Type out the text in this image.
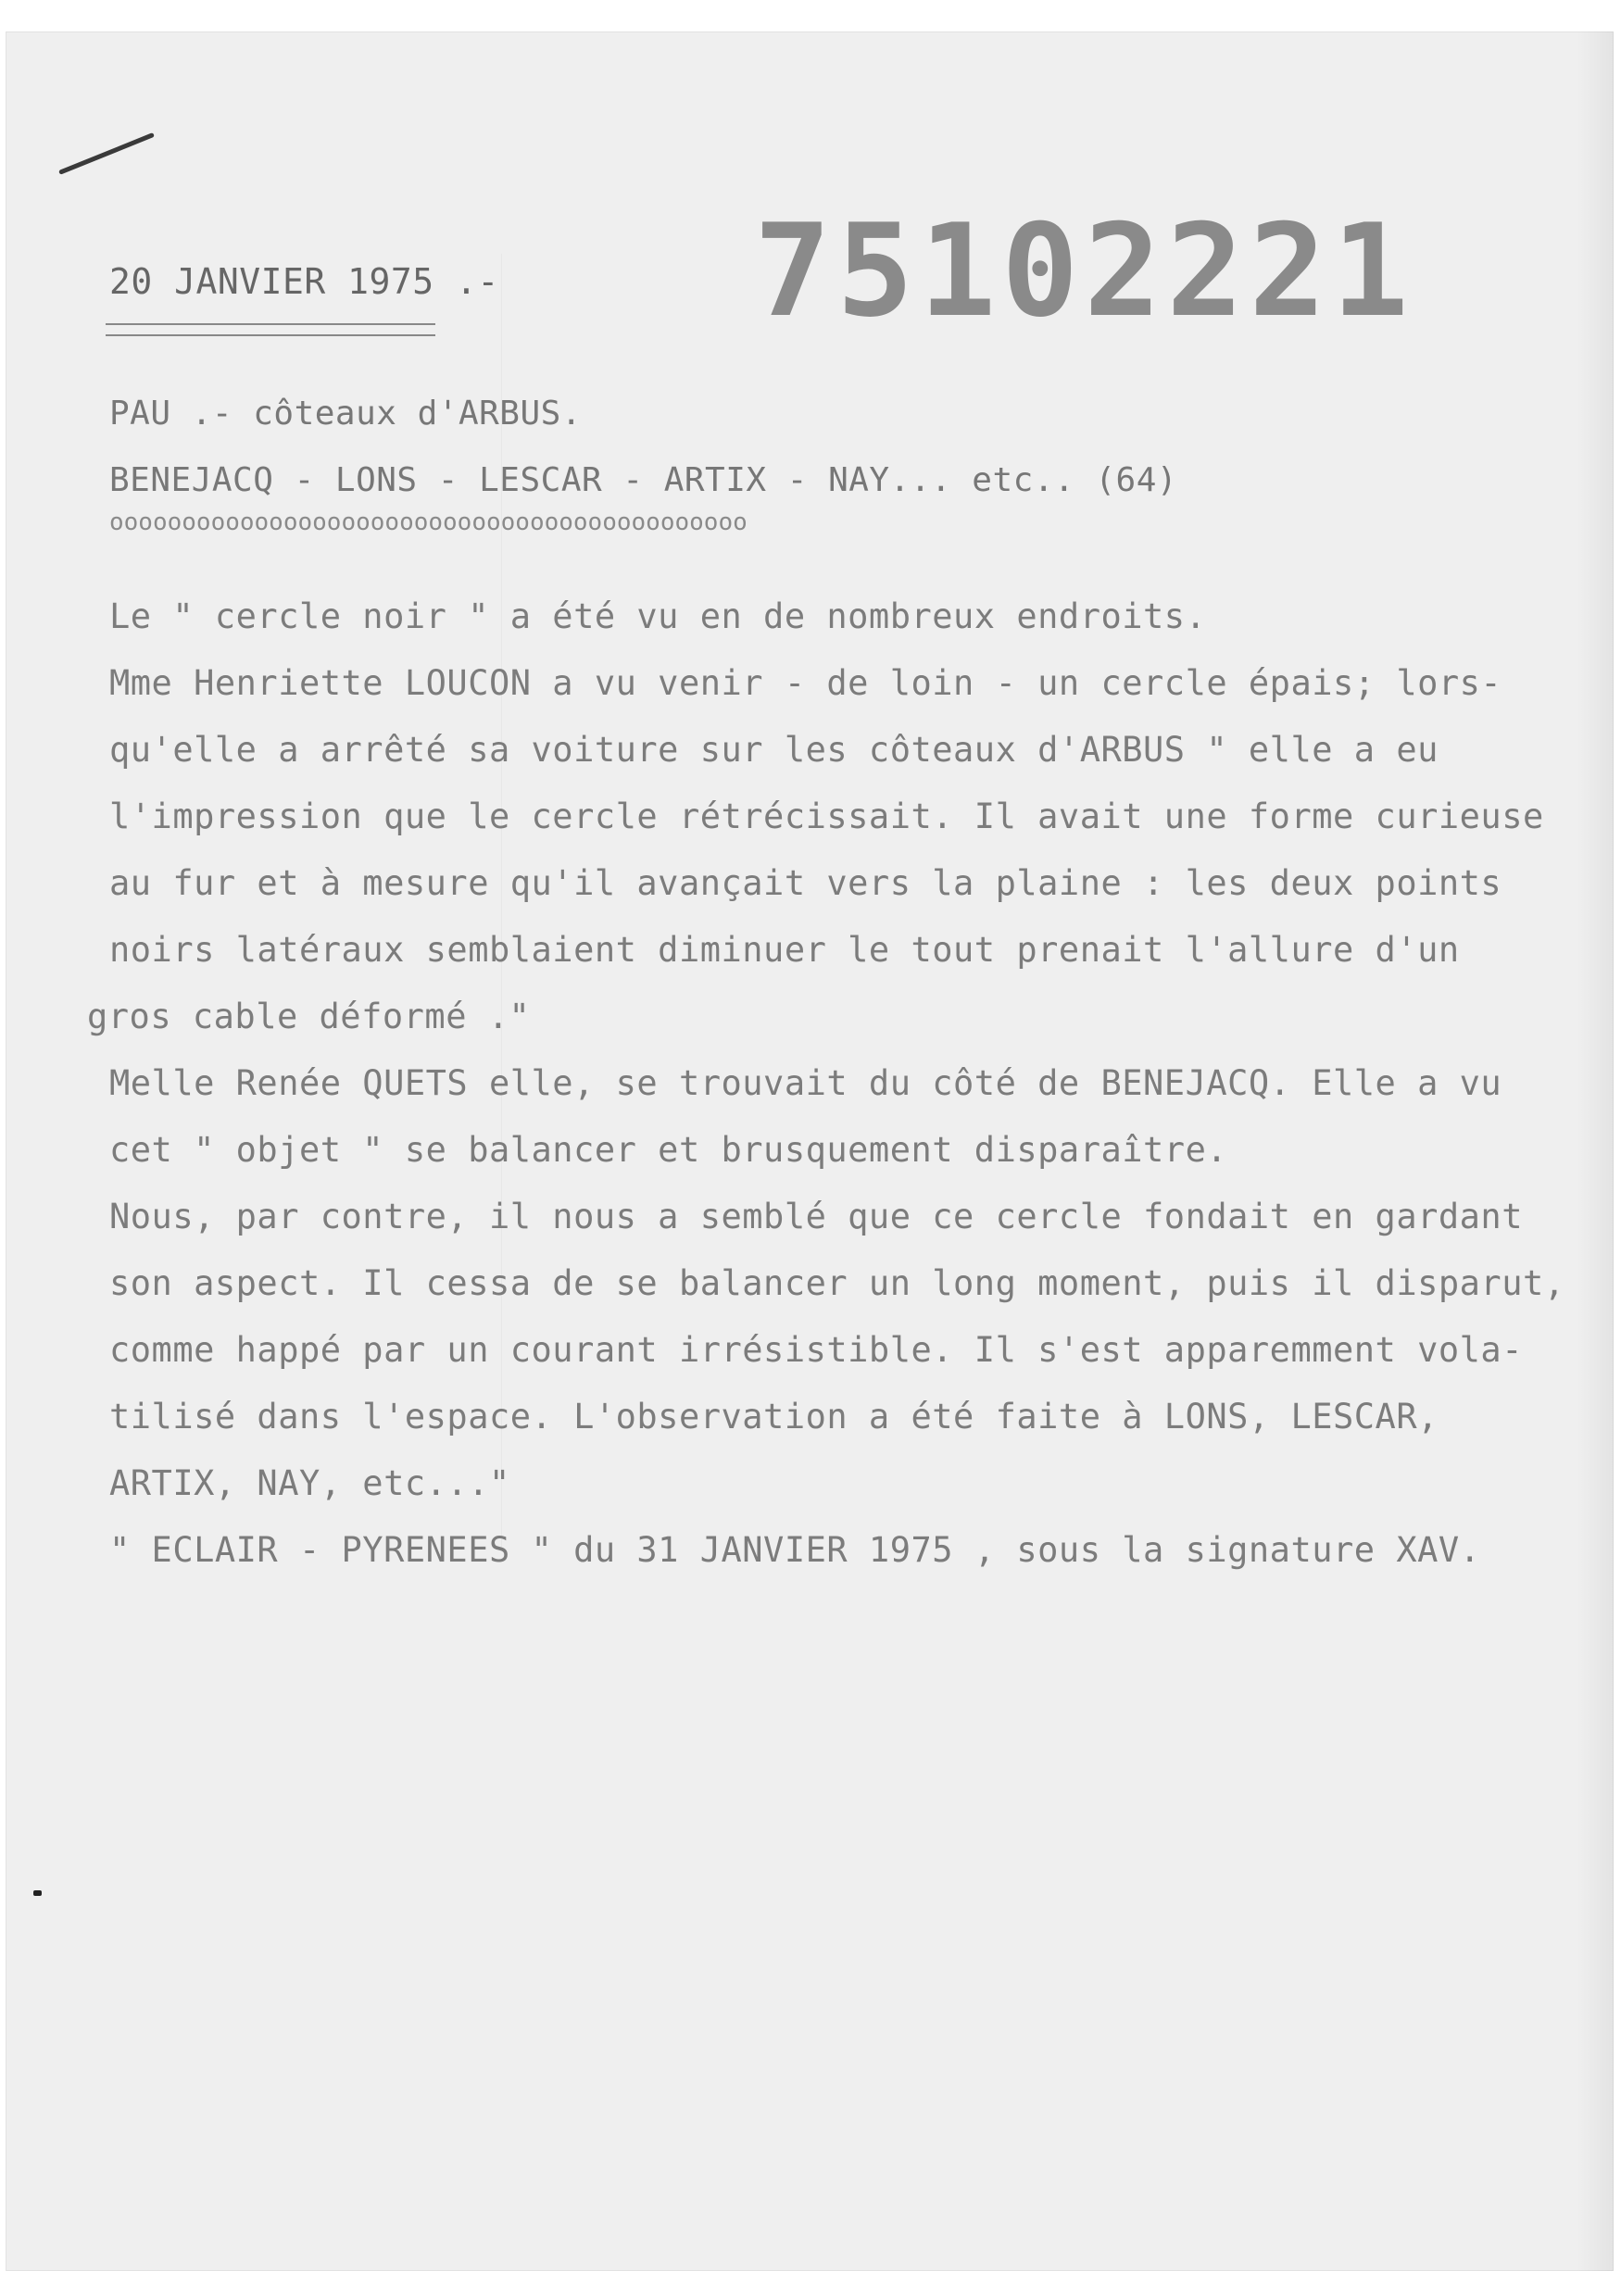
20 JANVIER 1975 .- 75102221
PAU .- côteaux d'ARBUS.
BENEJACQ - LONS - LESCAR - ARTIX - NAY... etc.. (64)
oooooooooooooooooooooooooooooooooooooooooooo
Le " cercle noir " a été vu en de nombreux endroits.
Mme Henriette LOUCON a vu venir - de loin - un cercle épais; lors-
qu'elle a arrêté sa voiture sur les côteaux d'ARBUS " elle a eu
l'impression que le cercle rétrécissait. Il avait une forme curieuse
au fur et à mesure qu'il avançait vers la plaine : les deux points
noirs latéraux semblaient diminuer le tout prenait l'allure d'un
gros cable déformé ."
Melle Renée QUETS elle, se trouvait du côté de BENEJACQ. Elle a vu
cet " objet " se balancer et brusquement disparaître.
Nous, par contre, il nous a semblé que ce cercle fondait en gardant
son aspect. Il cessa de se balancer un long moment, puis il disparut,
comme happé par un courant irrésistible. Il s'est apparemment vola-
tilisé dans l'espace. L'observation a été faite à LONS, LESCAR,
ARTIX, NAY, etc..."
" ECLAIR - PYRENEES " du 31 JANVIER 1975 , sous la signature XAV.
